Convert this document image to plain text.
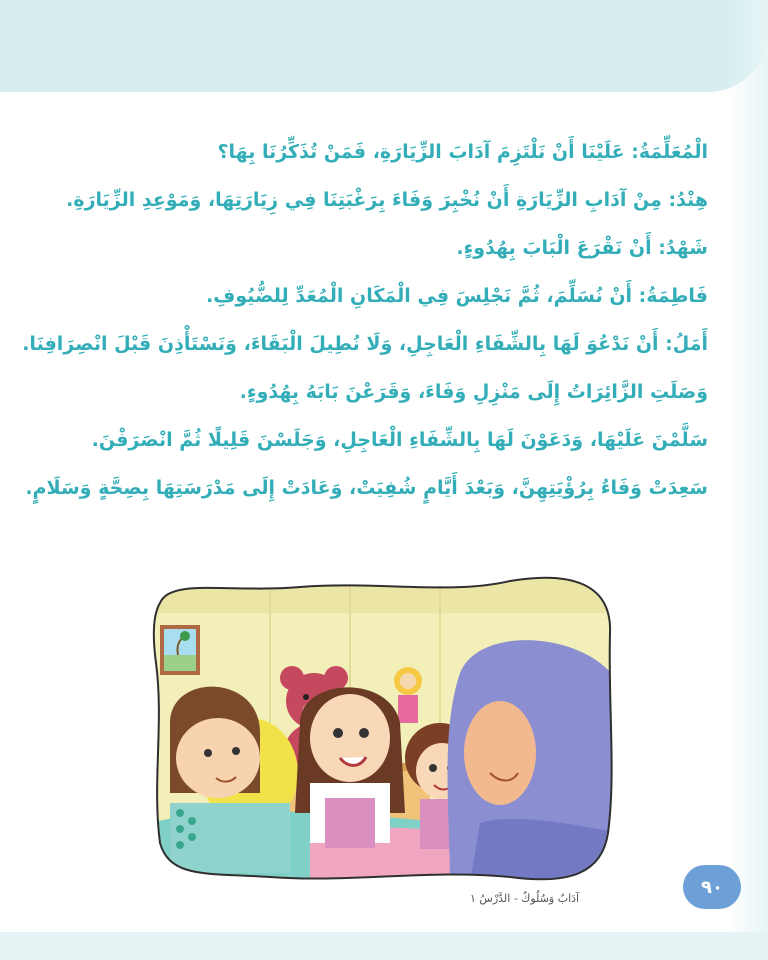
الْمُعَلِّمَةُ: عَلَيْنَا أَنْ نَلْتَزِمَ آدَابَ الزِّيَارَةِ، فَمَنْ تُذَكِّرُنَا بِهَا؟
هِنْدُ: مِنْ آدَابِ الزِّيَارَةِ أَنْ نُخْبِرَ وَفَاءَ بِرَغْبَتِنَا فِي زِيَارَتِهَا، وَمَوْعِدِ الزِّيَارَةِ.
شَهْدُ: أَنْ نَقْرَعَ الْبَابَ بِهُدُوءٍ.
فَاطِمَةُ: أَنْ نُسَلِّمَ، ثُمَّ نَجْلِسَ فِي الْمَكَانِ الْمُعَدِّ لِلضُّيُوفِ.
أَمَلُ: أَنْ نَدْعُوَ لَهَا بِالشِّفَاءِ الْعَاجِلِ، وَلَا نُطِيلَ الْبَقَاءَ، وَنَسْتَأْذِنَ قَبْلَ انْصِرَافِنَا.
وَصَلَتِ الزَّائِرَاتُ إِلَى مَنْزِلِ وَفَاءَ، وَقَرَعْنَ بَابَهُ بِهُدُوءٍ.
سَلَّمْنَ عَلَيْهَا، وَدَعَوْنَ لَهَا بِالشِّفَاءِ الْعَاجِلِ، وَجَلَسْنَ قَلِيلًا ثُمَّ انْصَرَفْنَ.
سَعِدَتْ وَفَاءُ بِرُؤْيَتِهِنَّ، وَبَعْدَ أَيَّامٍ شُفِيَتْ، وَعَادَتْ إِلَى مَدْرَسَتِهَا بِصِحَّةٍ وَسَلَامٍ.
آدَابٌ وَسُلُوكٌ - الدَّرْسُ ١
٩٠
